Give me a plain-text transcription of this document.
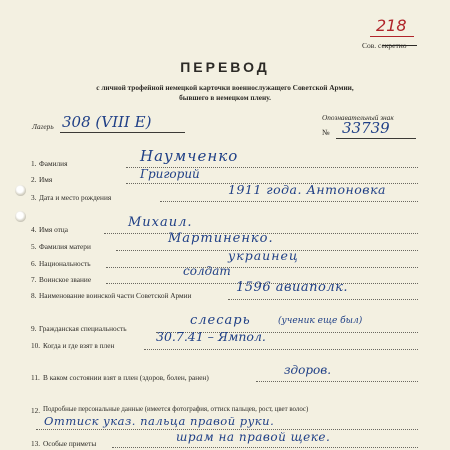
218
Сов. секретно
ПЕРЕВОД
с личной трофейной немецкой карточки военнослужащего Советской Армии,
бывшего в немецком плену.
Лагерь 308 (VIII E)	Опознавательный знак
№ 33739
1. Фамилия	Наумченко
2. Имя	Григорий
3. Дата и место рождения
1911 года. Антоновка
4. Имя отца	Михаил.
5. Фамилия матери
Мартиненко.
6. Национальность
украинец
7. Воинское звание
солдат
8. Наименование воинской части Советской Армии
1596 авиаполк.
9. Гражданская специальность
слесарь	(ученик еще был)
10. Когда и где взят в плен
30.7.41 – Ямпол.
11. В каком состоянии взят в плен (здоров, болен, ранен)
здоров.
12. Подробные персональные данные (имеется фотография, оттиск пальцев, рост, цвет волос)
Оттиск указ. пальца правой руки.
13. Особые приметы	шрам на правой щеке.
